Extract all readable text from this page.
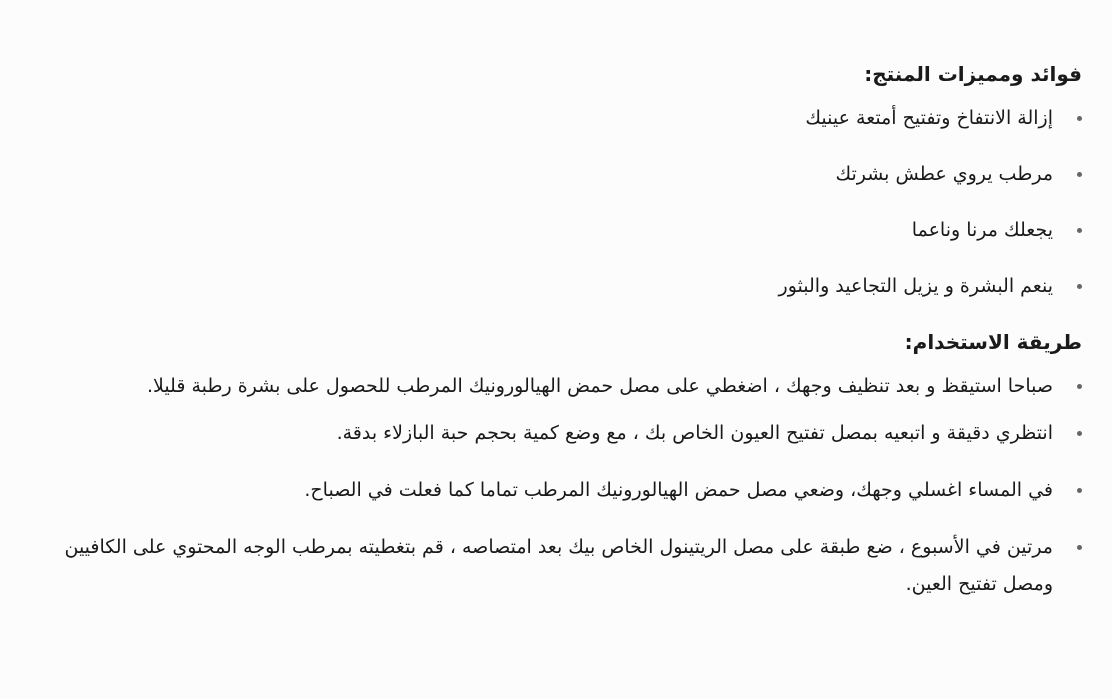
فوائد ومميزات المنتج:
إزالة الانتفاخ وتفتيح أمتعة عينيك
مرطب يروي عطش بشرتك
يجعلك مرنا وناعما
ينعم البشرة و يزيل التجاعيد والبثور
طريقة الاستخدام:
صباحا استيقظ و بعد تنظيف وجهك ، اضغطي على مصل حمض الهيالورونيك المرطب للحصول على بشرة رطبة قليلا.
انتظري دقيقة و اتبعيه بمصل تفتيح العيون الخاص بك ، مع وضع كمية بحجم حبة البازلاء بدقة.
في المساء اغسلي وجهك، وضعي مصل حمض الهيالورونيك المرطب تماما كما فعلت في الصباح.
مرتين في الأسبوع ، ضع طبقة على مصل الريتينول الخاص بيك بعد امتصاصه ، قم بتغطيته بمرطب الوجه المحتوي على الكافيين ومصل تفتيح العين.
